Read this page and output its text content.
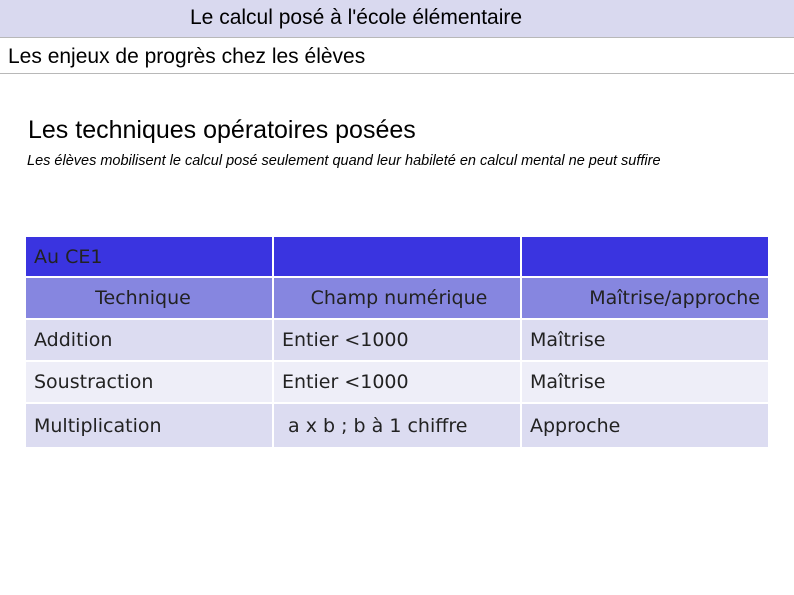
Le calcul posé à l'école élémentaire
Les enjeux de progrès chez les élèves
Les techniques opératoires posées
Les élèves mobilisent le calcul posé seulement quand leur habileté en calcul mental ne peut suffire
Au CE1		
Technique	Champ numérique	Maîtrise/approche
Addition	Entier <1000	Maîtrise
Soustraction	Entier <1000	Maîtrise
Multiplication	a x b ; b à 1 chiffre	Approche
